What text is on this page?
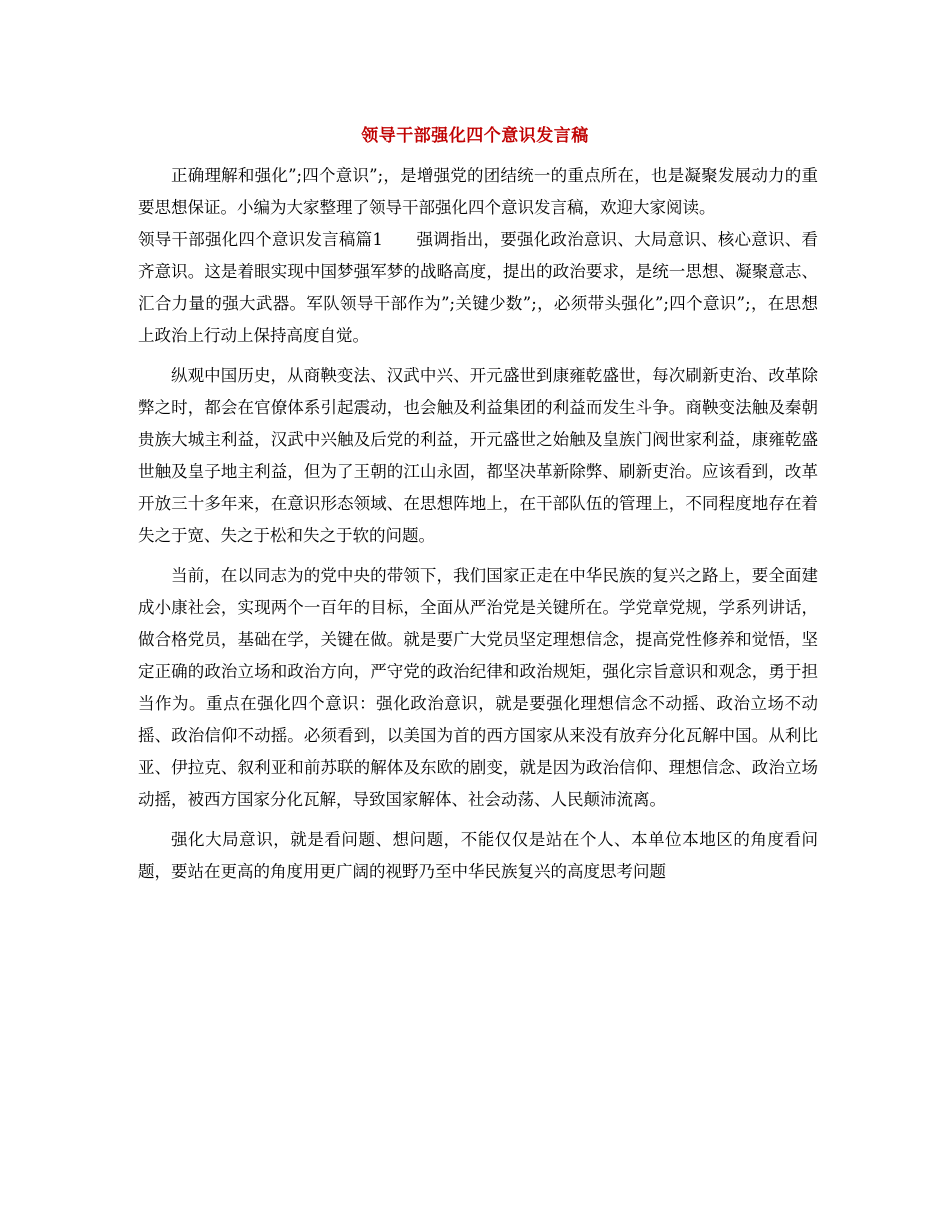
领导干部强化四个意识发言稿

正确理解和强化”;四个意识”;，是增强党的团结统一的重点所在，也是凝聚发展动力的重要思想保证。小编为大家整理了领导干部强化四个意识发言稿，欢迎大家阅读。

领导干部强化四个意识发言稿篇1　　强调指出，要强化政治意识、大局意识、核心意识、看齐意识。这是着眼实现中国梦强军梦的战略高度，提出的政治要求，是统一思想、凝聚意志、汇合力量的强大武器。军队领导干部作为”;关键少数”;，必须带头强化”;四个意识”;，在思想上政治上行动上保持高度自觉。

纵观中国历史，从商鞅变法、汉武中兴、开元盛世到康雍乾盛世，每次刷新吏治、改革除弊之时，都会在官僚体系引起震动，也会触及利益集团的利益而发生斗争。商鞅变法触及秦朝贵族大城主利益，汉武中兴触及后党的利益，开元盛世之始触及皇族门阀世家利益，康雍乾盛世触及皇子地主利益，但为了王朝的江山永固，都坚决革新除弊、刷新吏治。应该看到，改革开放三十多年来，在意识形态领域、在思想阵地上，在干部队伍的管理上，不同程度地存在着失之于宽、失之于松和失之于软的问题。

当前，在以同志为的党中央的带领下，我们国家正走在中华民族的复兴之路上，要全面建成小康社会，实现两个一百年的目标，全面从严治党是关键所在。学党章党规，学系列讲话，做合格党员，基础在学，关键在做。就是要广大党员坚定理想信念，提高党性修养和觉悟，坚定正确的政治立场和政治方向，严守党的政治纪律和政治规矩，强化宗旨意识和观念，勇于担当作为。重点在强化四个意识：强化政治意识，就是要强化理想信念不动摇、政治立场不动摇、政治信仰不动摇。必须看到，以美国为首的西方国家从来没有放弃分化瓦解中国。从利比亚、伊拉克、叙利亚和前苏联的解体及东欧的剧变，就是因为政治信仰、理想信念、政治立场动摇，被西方国家分化瓦解，导致国家解体、社会动荡、人民颠沛流离。

强化大局意识，就是看问题、想问题，不能仅仅是站在个人、本单位本地区的角度看问题，要站在更高的角度用更广阔的视野乃至中华民族复兴的高度思考问题
